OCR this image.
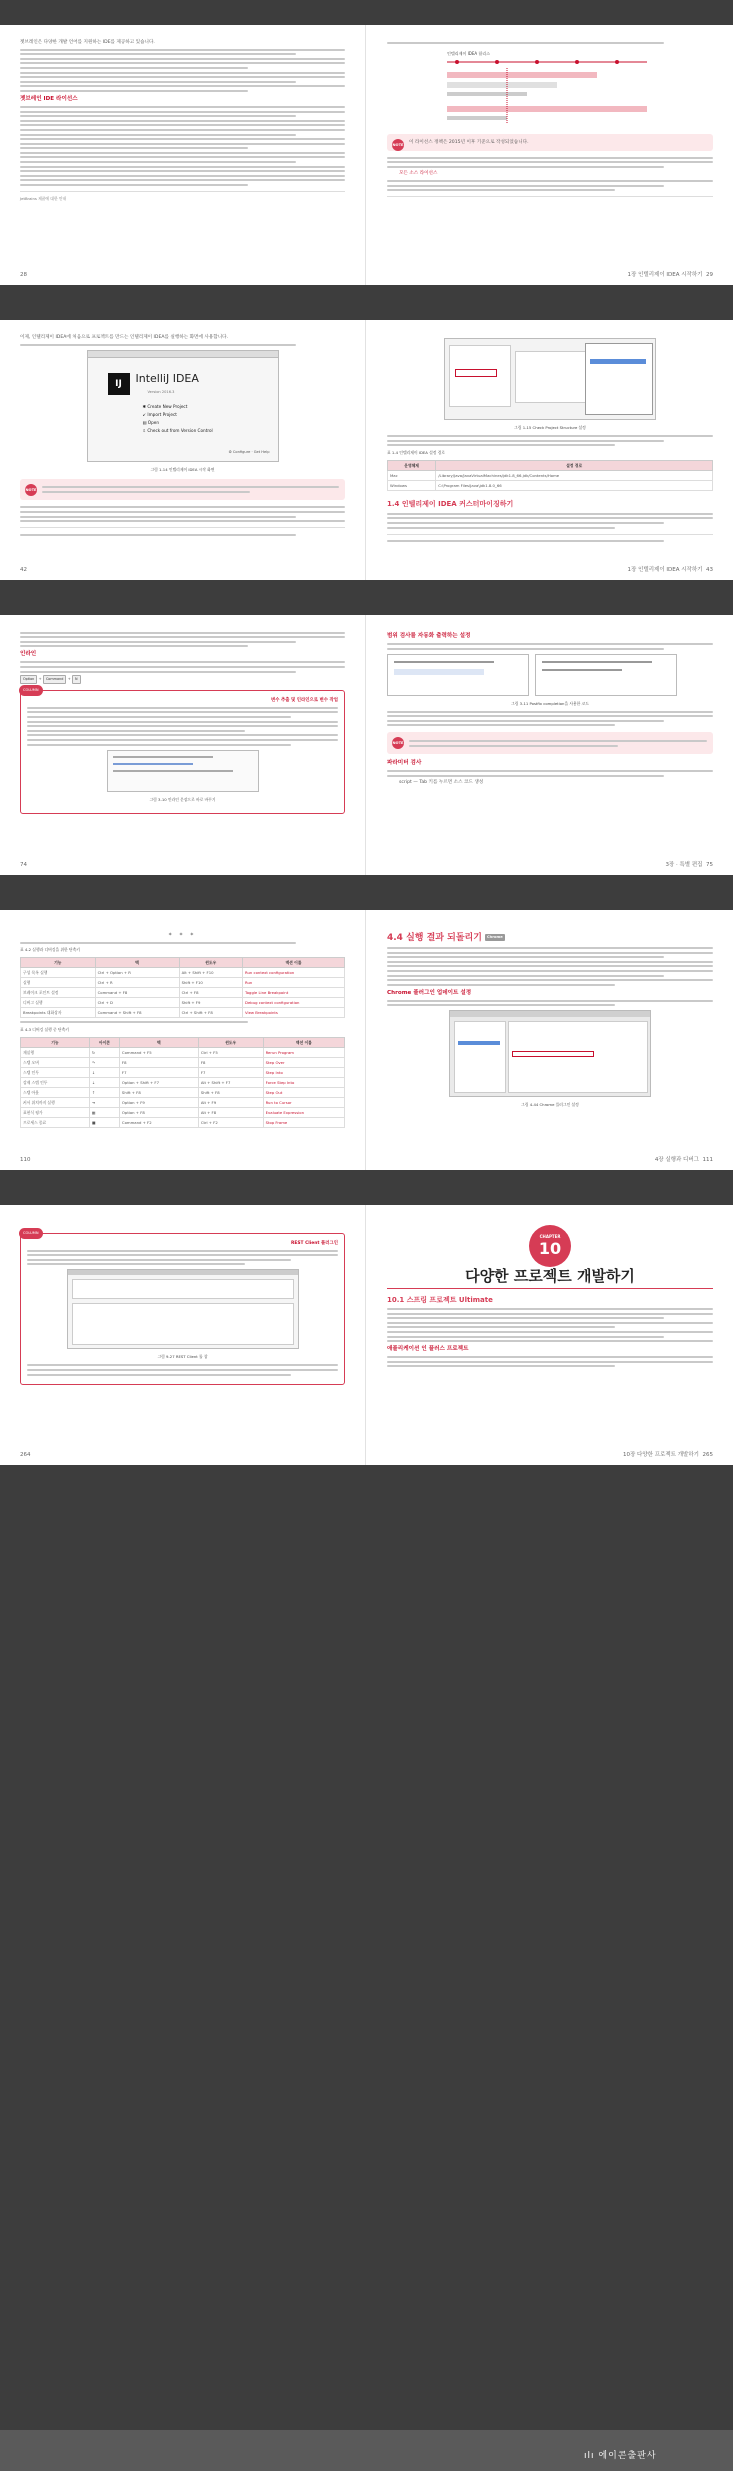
젯브레인은 다양한 개발 언어를 지원하는 IDE를 제공하고 있습니다.
젯브레인 IDE 라이선스
JetBrains 제품에 대한 안내
28
인텔리제이 IDEA 릴리스
NOTE 이 라이선스 정책은 2015년 이후 기준으로 작성되었습니다.
모든 소스 라이선스

1장 인텔리제이 IDEA 시작하기 29
이제, 인텔리제이 IDEA에 처음으로 프로젝트를 만드는 인텔리제이 IDEA를 실행하는 화면에 사용합니다.
IJ	IntelliJ IDEA
Version 2016.3
✱ Create New Project
↙ Import Project
▤ Open
⇩ Check out from Version Control
⚙ Configure · Get Help
그림 1-14 인텔리제이 IDEA 시작 화면
NOTE
42
그림 1-15 Check Project Structure 설정
표 1-4 인텔리제이 IDEA 설정 경로
운영체제	설정 경로
Mac	/Library/Java/JavaVirtualMachines/jdk1.8_66.jdk/Contents/Home
Windows	C:\Program Files\Java\jdk1.8.0_66
1.4 인텔리제이 IDEA 커스터마이징하기
1장 인텔리제이 IDEA 시작하기 43
인라인
Option + Command + N
COLUMN
변수 추출 및 인라인으로 변수 작업
그림 3-10 인라인 문장으로 바로 바꾸기
74
범위 검사를 자동화 출력하는 설정
그림 3-11 Postfix completion을 사용한 코드
NOTE
파라미터 검사
script — Tab 키를 누르면 소스 코드 생성
3장 · 특별 편집 75
* * *
표 4-2 실행과 디버깅을 위한 단축키
기능	맥	윈도우	액션 이름
구성 목록 실행	Ctrl + Option + R	Alt + Shift + F10	Run context configuration
실행	Ctrl + R	Shift + F10	Run
브레이크 포인트 설정	Command + F8	Ctrl + F8	Toggle Line Breakpoint
디버그 실행	Ctrl + D	Shift + F9	Debug context configuration
Breakpoints 대화상자	Command + Shift + F8	Ctrl + Shift + F8	View Breakpoints
표 4-3 디버깅 실행 중 단축키
기능	아이콘	맥	윈도우	액션 이름
재실행	↻	Command + F5	Ctrl + F5	Rerun Program
스텝 오버	↷	F8	F8	Step Over
스텝 인투	↓	F7	F7	Step Into
강제 스텝 인투	⇣	Option + Shift + F7	Alt + Shift + F7	Force Step Into
스텝 아웃	↑	Shift + F8	Shift + F8	Step Out
커서 위치까지 실행	⇥	Option + F9	Alt + F9	Run to Cursor
표현식 평가	▦	Option + F8	Alt + F8	Evaluate Expression
프로세스 종료	■	Command + F2	Ctrl + F2	Stop Frame
110
4.4 실행 결과 되돌리기 Chrome
Chrome 플러그인 업데이트 설정
그림 4-44 Chrome 플러그인 설정
4장 실행과 디버그 111
COLUMN
REST Client 플러그인
그림 9-27 REST Client 툴 창
264
CHAPTER
10
다양한 프로젝트 개발하기
10.1 스프링 프로젝트 Ultimate
애플리케이션 인 플러스 프로젝트
10장 다양한 프로젝트 개발하기 265
ılı 에이콘출판사
